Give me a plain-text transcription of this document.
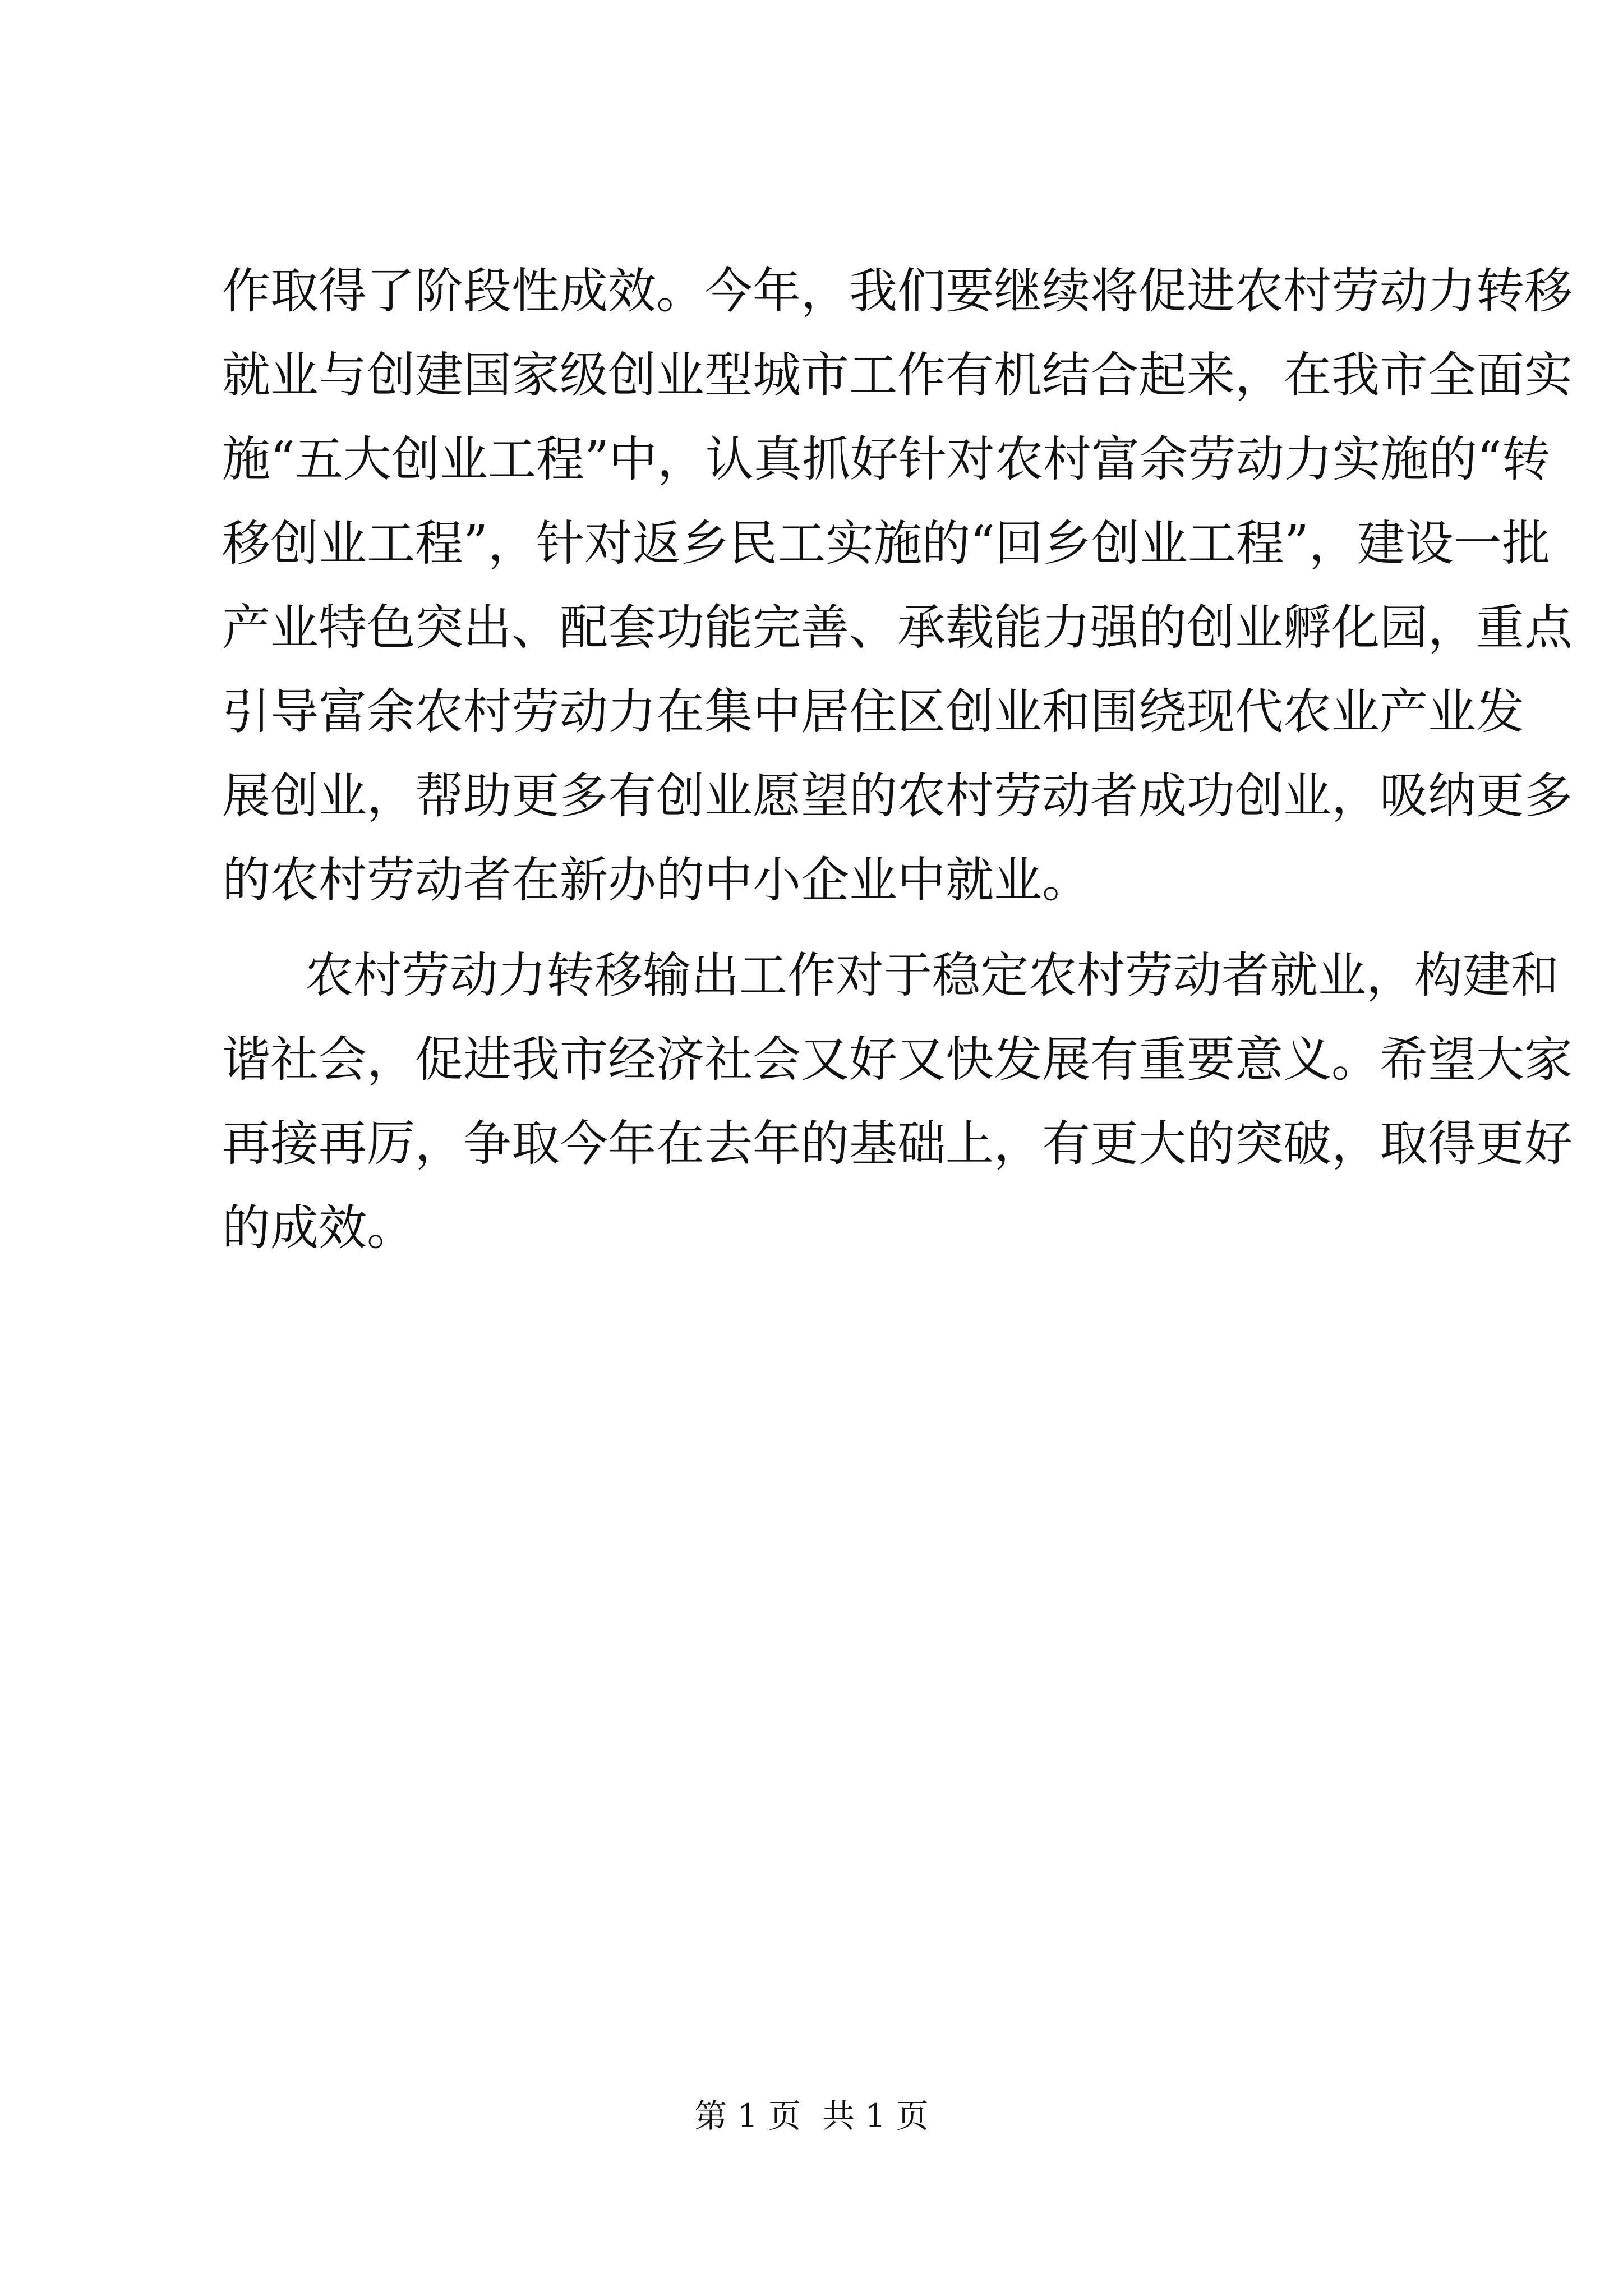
作取得了阶段性成效。今年，我们要继续将促进农村劳动力转移
就业与创建国家级创业型城市工作有机结合起来，在我市全面实
施“五大创业工程”中，认真抓好针对农村富余劳动力实施的“转
移创业工程”，针对返乡民工实施的“回乡创业工程”，建设一批
产业特色突出、配套功能完善、承载能力强的创业孵化园，重点
引导富余农村劳动力在集中居住区创业和围绕现代农业产业发
展创业，帮助更多有创业愿望的农村劳动者成功创业，吸纳更多
的农村劳动者在新办的中小企业中就业。
农村劳动力转移输出工作对于稳定农村劳动者就业，构建和
谐社会，促进我市经济社会又好又快发展有重要意义。希望大家
再接再厉，争取今年在去年的基础上，有更大的突破，取得更好
的成效。
第 1 页 共 1 页
